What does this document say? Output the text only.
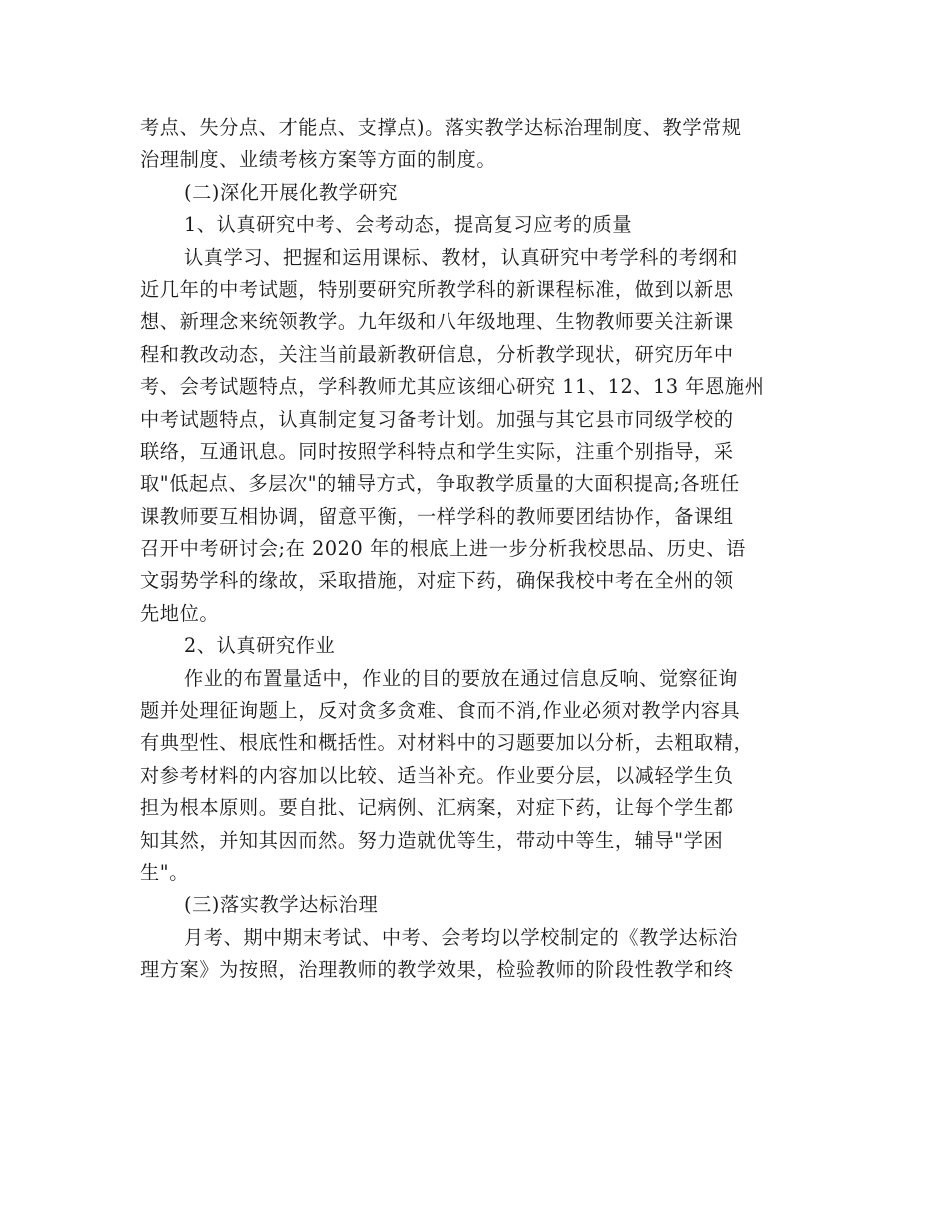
考点、失分点、才能点、支撑点)。落实教学达标治理制度、教学常规
治理制度、业绩考核方案等方面的制度。
(二)深化开展化教学研究
1、认真研究中考、会考动态，提高复习应考的质量
认真学习、把握和运用课标、教材，认真研究中考学科的考纲和
近几年的中考试题，特别要研究所教学科的新课程标准，做到以新思
想、新理念来统领教学。九年级和八年级地理、生物教师要关注新课
程和教改动态，关注当前最新教研信息，分析教学现状，研究历年中
考、会考试题特点，学科教师尤其应该细心研究 11、12、13 年恩施州
中考试题特点，认真制定复习备考计划。加强与其它县市同级学校的
联络，互通讯息。同时按照学科特点和学生实际，注重个别指导，采
取"低起点、多层次"的辅导方式，争取教学质量的大面积提高;各班任
课教师要互相协调，留意平衡，一样学科的教师要团结协作，备课组
召开中考研讨会;在 2020 年的根底上进一步分析我校思品、历史、语
文弱势学科的缘故，采取措施，对症下药，确保我校中考在全州的领
先地位。
2、认真研究作业
作业的布置量适中，作业的目的要放在通过信息反响、觉察征询
题并处理征询题上，反对贪多贪难、食而不消,作业必须对教学内容具
有典型性、根底性和概括性。对材料中的习题要加以分析，去粗取精，
对参考材料的内容加以比较、适当补充。作业要分层，以减轻学生负
担为根本原则。要自批、记病例、汇病案，对症下药，让每个学生都
知其然，并知其因而然。努力造就优等生，带动中等生，辅导"学困
生"。
(三)落实教学达标治理
月考、期中期末考试、中考、会考均以学校制定的《教学达标治
理方案》为按照，治理教师的教学效果，检验教师的阶段性教学和终
